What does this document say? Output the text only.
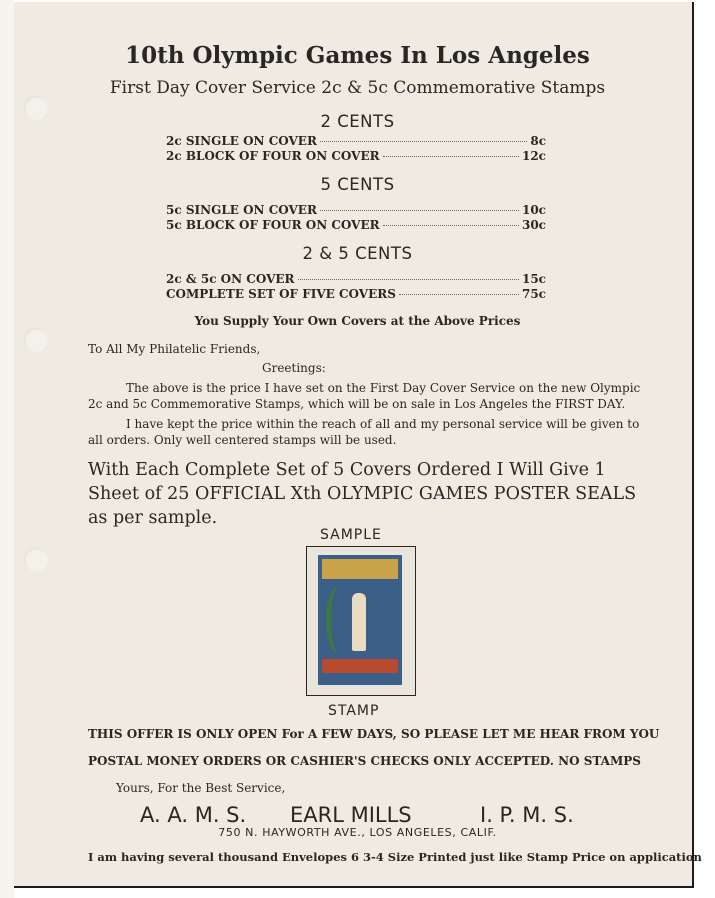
10th Olympic Games In Los Angeles
First Day Cover Service 2c & 5c Commemorative Stamps
2 CENTS
2c SINGLE ON COVER	8c
2c BLOCK OF FOUR ON COVER	12c
5 CENTS
5c SINGLE ON COVER	10c
5c BLOCK OF FOUR ON COVER	30c
2 & 5 CENTS
2c & 5c ON COVER	15c
COMPLETE SET OF FIVE COVERS	75c
You Supply Your Own Covers at the Above Prices
To All My Philatelic Friends,
Greetings:
The above is the price I have set on the First Day Cover Service on the new Olympic
2c and 5c Commemorative Stamps, which will be on sale in Los Angeles the FIRST DAY.
I have kept the price within the reach of all and my personal service will be given to
all orders. Only well centered stamps will be used.
With Each Complete Set of 5 Covers Ordered I Will Give 1 Sheet of 25 OFFICIAL Xth OLYMPIC GAMES POSTER SEALS as per sample.
SAMPLE
STAMP
THIS OFFER IS ONLY OPEN For A FEW DAYS, SO PLEASE LET ME HEAR FROM YOU
POSTAL MONEY ORDERS OR CASHIER'S CHECKS ONLY ACCEPTED. NO STAMPS
Yours, For the Best Service,
A. A. M. S. EARL MILLS	I. P. M. S.
750 N. HAYWORTH AVE., LOS ANGELES, CALIF.
I am having several thousand Envelopes 6 3-4 Size Printed just like Stamp Price on application
